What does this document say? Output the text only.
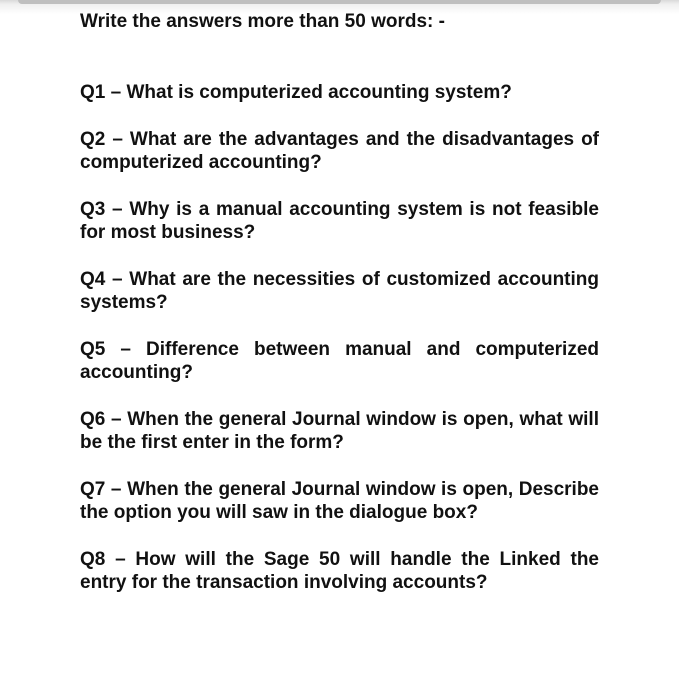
Write the answers more than 50 words: -
Q1 – What is computerized accounting system?
Q2 – What are the advantages and the disadvantages of computerized accounting?
Q3 – Why is a manual accounting system is not feasible for most business?
Q4 – What are the necessities of customized accounting systems?
Q5 – Difference between manual and computerized accounting?
Q6 – When the general Journal window is open, what will be the first enter in the form?
Q7 – When the general Journal window is open, Describe the option you will saw in the dialogue box?
Q8 – How will the Sage 50 will handle the Linked the entry for the transaction involving accounts?
